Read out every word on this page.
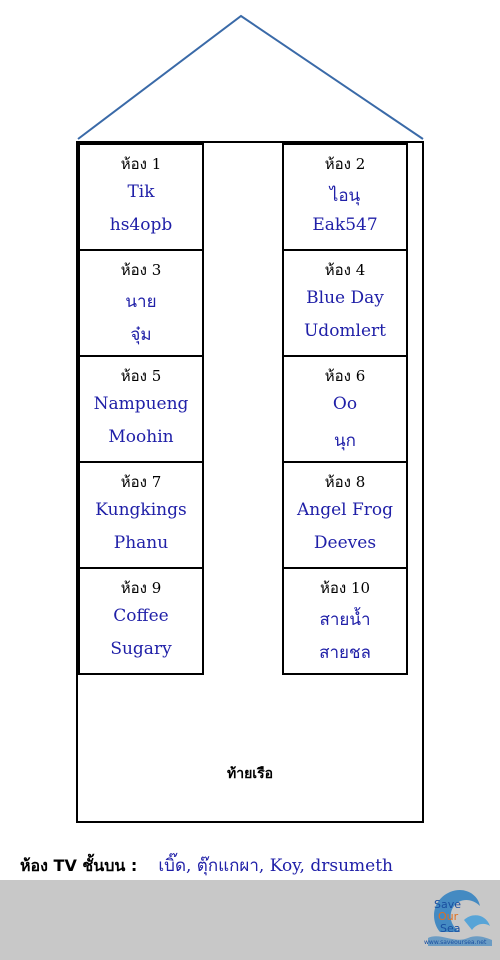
ห้อง 1
Tik
hs4opb
ห้อง 2
ไอนุ
Eak547
ห้อง 3
นาย
จุ๋ม
ห้อง 4
Blue Day
Udomlert
ห้อง 5
Nampueng
Moohin
ห้อง 6
Oo
นุก
ห้อง 7
Kungkings
Phanu
ห้อง 8
Angel Frog
Deeves
ห้อง 9
Coffee
Sugary
ห้อง 10
สายน้ำ
สายชล
ท้ายเรือ
ห้อง TV ชั้นบน : เบิ๊ด, ตุ๊กแกผา, Koy, drsumeth
Save
Our
Sea
www.saveoursea.net
